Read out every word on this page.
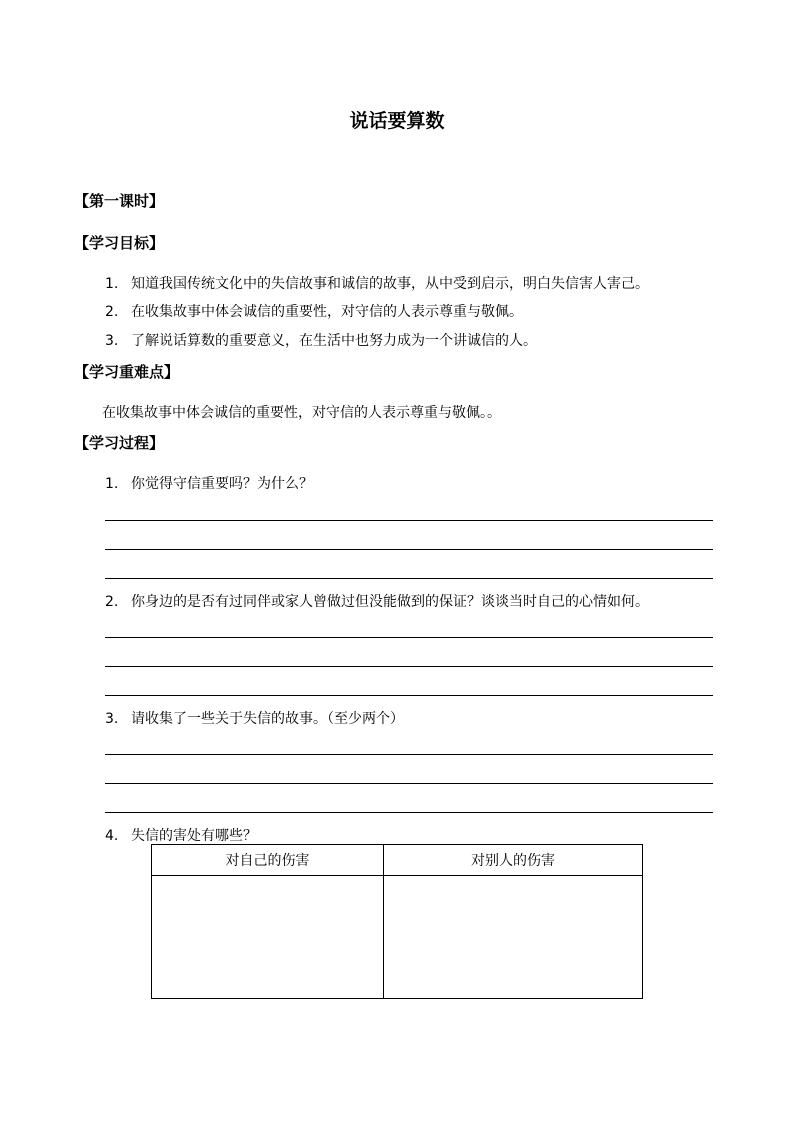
说话要算数
【第一课时】
【学习目标】
1. 知道我国传统文化中的失信故事和诚信的故事，从中受到启示，明白失信害人害己。
2. 在收集故事中体会诚信的重要性，对守信的人表示尊重与敬佩。
3. 了解说话算数的重要意义，在生活中也努力成为一个讲诚信的人。
【学习重难点】
在收集故事中体会诚信的重要性，对守信的人表示尊重与敬佩。。
【学习过程】
1. 你觉得守信重要吗？为什么？
2. 你身边的是否有过同伴或家人曾做过但没能做到的保证？谈谈当时自己的心情如何。
3. 请收集了一些关于失信的故事。（至少两个）
4. 失信的害处有哪些？
对自己的伤害	对别人的伤害
